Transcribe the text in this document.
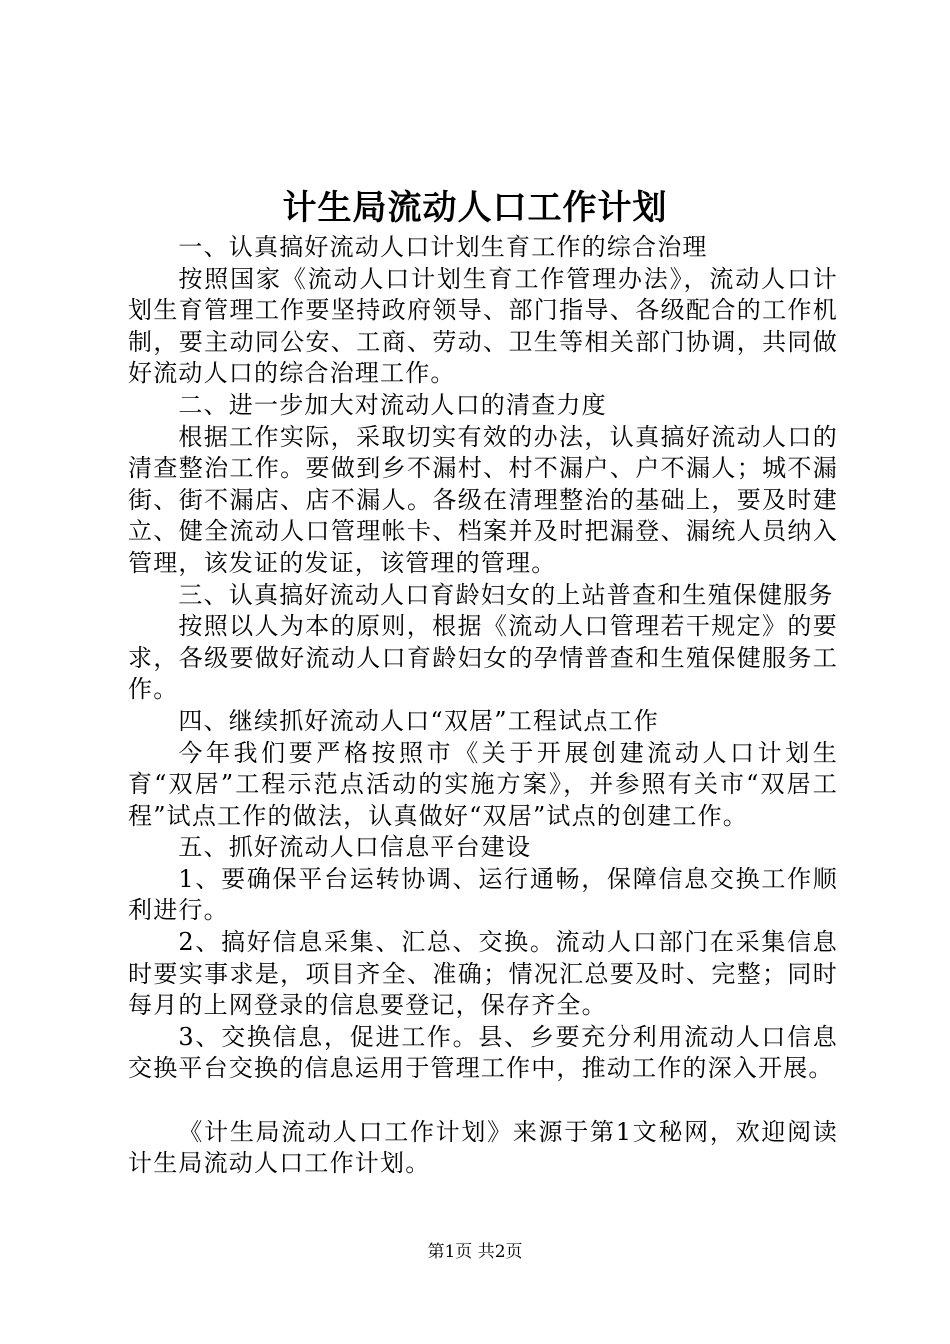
计生局流动人口工作计划

一、认真搞好流动人口计划生育工作的综合治理

按照国家《流动人口计划生育工作管理办法》，流动人口计划生育管理工作要坚持政府领导、部门指导、各级配合的工作机制，要主动同公安、工商、劳动、卫生等相关部门协调，共同做好流动人口的综合治理工作。

二、进一步加大对流动人口的清查力度

根据工作实际，采取切实有效的办法，认真搞好流动人口的清查整治工作。要做到乡不漏村、村不漏户、户不漏人；城不漏街、街不漏店、店不漏人。各级在清理整治的基础上，要及时建立、健全流动人口管理帐卡、档案并及时把漏登、漏统人员纳入管理，该发证的发证，该管理的管理。

三、认真搞好流动人口育龄妇女的上站普查和生殖保健服务

按照以人为本的原则，根据《流动人口管理若干规定》的要求，各级要做好流动人口育龄妇女的孕情普查和生殖保健服务工作。

四、继续抓好流动人口“双居”工程试点工作

今年我们要严格按照市《关于开展创建流动人口计划生育“双居”工程示范点活动的实施方案》，并参照有关市“双居工程”试点工作的做法，认真做好“双居”试点的创建工作。

五、抓好流动人口信息平台建设

1、要确保平台运转协调、运行通畅，保障信息交换工作顺利进行。

2、搞好信息采集、汇总、交换。流动人口部门在采集信息时要实事求是，项目齐全、准确；情况汇总要及时、完整；同时每月的上网登录的信息要登记，保存齐全。

3、交换信息，促进工作。县、乡要充分利用流动人口信息交换平台交换的信息运用于管理工作中，推动工作的深入开展。

《计生局流动人口工作计划》来源于第1文秘网，欢迎阅读计生局流动人口工作计划。

第1页 共2页
